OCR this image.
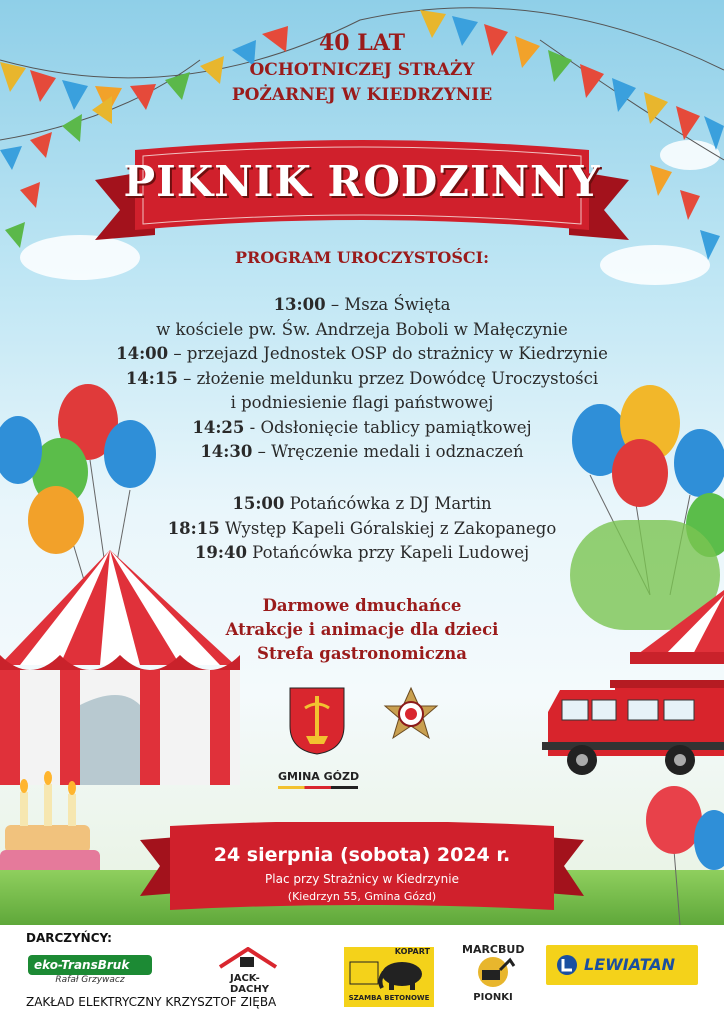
40 LAT
OCHOTNICZEJ STRAŻY
POŻARNEJ W KIEDRZYNIE
PIKNIK RODZINNY
PROGRAM UROCZYSTOŚCI:
13:00 – Msza Święta
w kościele pw. Św. Andrzeja Boboli w Małęczynie
14:00 – przejazd Jednostek OSP do strażnicy w Kiedrzynie
14:15 – złożenie meldunku przez Dowódcę Uroczystości
i podniesienie flagi państwowej
14:25 - Odsłonięcie tablicy pamiątkowej
14:30 – Wręczenie medali i odznaczeń
15:00 Potańcówka z DJ Martin
18:15 Występ Kapeli Góralskiej z Zakopanego
19:40 Potańcówka przy Kapeli Ludowej
Darmowe dmuchańce
Atrakcje i animacje dla dzieci
Strefa gastronomiczna
GMINA GÓZD
24 sierpnia (sobota) 2024 r.
Plac przy Strażnicy w Kiedrzynie
(Kiedrzyn 55, Gmina Gózd)
DARCZYŃCY:
eko-TransBruk
Rafał Grzywacz
ZAKŁAD ELEKTRYCZNY KRZYSZTOF ZIĘBA
JACK-DACHY
KOPART
SZAMBA BETONOWE
MARCBUD
PIONKI
LEWIATAN
